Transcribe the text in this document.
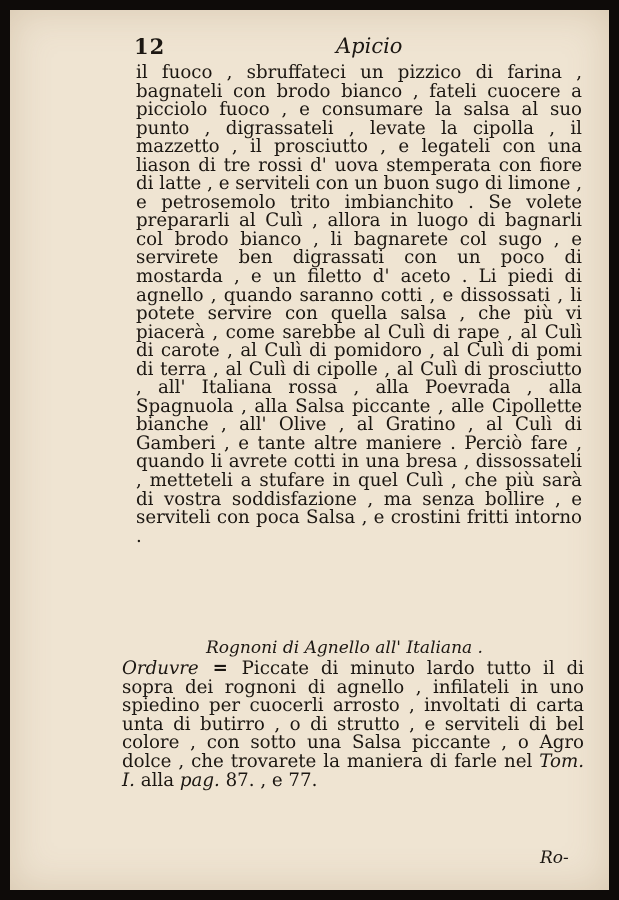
12	Apicio

il fuoco , sbruffateci un pizzico di farina , bagnateli con brodo bianco , fateli cuocere a picciolo fuoco , e consumare la salsa al suo punto , digrassateli , levate la cipolla , il mazzetto , il prosciutto , e legateli con una liason di tre rossi d' uova stemperata con fiore di latte , e serviteli con un buon sugo di limone , e petrosemolo trito imbianchito . Se volete prepararli al Culì , allora in luogo di bagnarli col brodo bianco , li bagnarete col sugo , e servirete ben digrassati con un poco di mostarda , e un filetto d' aceto . Li piedi di agnello , quando saranno cotti , e dissossati , li potete servire con quella salsa , che più vi piacerà , come sarebbe al Culì di rape , al Culì di carote , al Culì di pomidoro , al Culì di pomi di terra , al Culì di cipolle , al Culì di prosciutto , all' Italiana rossa , alla Poevrada , alla Spagnuola , alla Salsa piccante , alle Cipollette bianche , all' Olive , al Gratino , al Culì di Gamberi , e tante altre maniere . Perciò fare , quando li avrete cotti in una bresa , dissossateli , metteteli a stufare in quel Culì , che più sarà di vostra soddisfazione , ma senza bollire , e serviteli con poca Salsa , e crostini fritti intorno .

Rognoni di Agnello all' Italiana .
Orduvre = Piccate di minuto lardo tutto il di sopra dei rognoni di agnello , infilateli in uno spiedino per cuocerli arrosto , involtati di carta unta di butirro , o di strutto , e serviteli di bel colore , con sotto una Salsa piccante , o Agro dolce , che trovarete la maniera di farle nel Tom. I. alla pag. 87. , e 77.
Ro-
